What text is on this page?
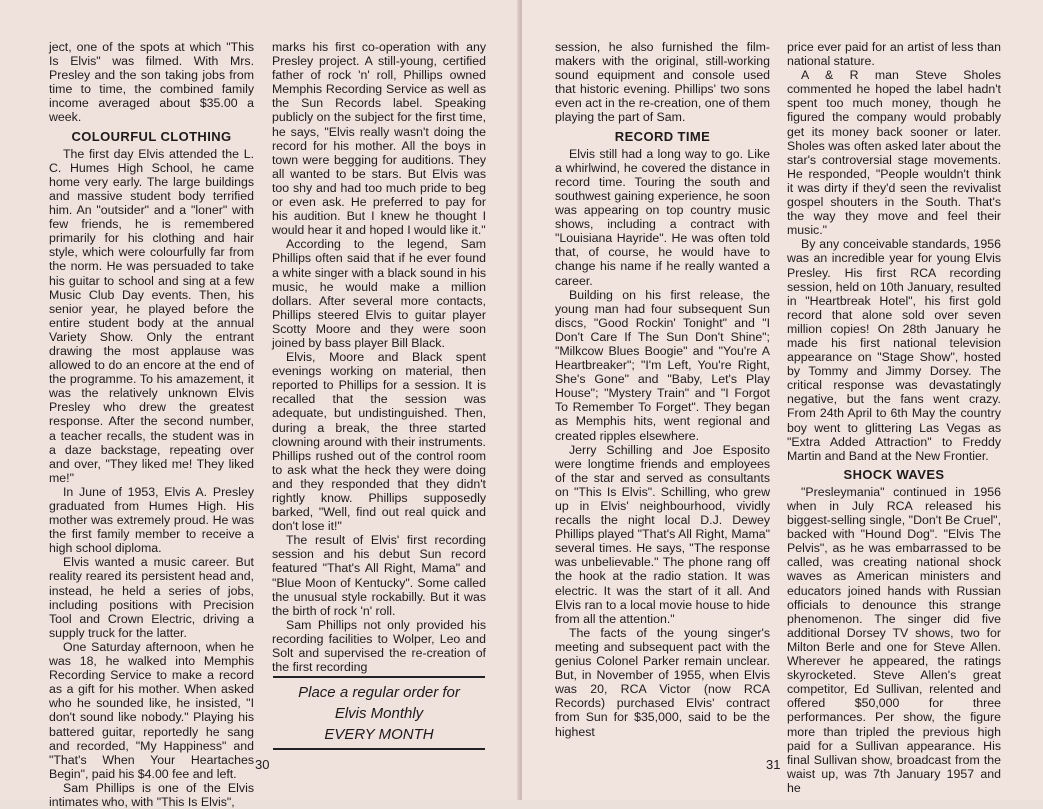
ject, one of the spots at which "This Is Elvis" was filmed. With Mrs. Presley and the son taking jobs from time to time, the combined family income averaged about $35.00 a week.

COLOURFUL CLOTHING

The first day Elvis attended the L. C. Humes High School, he came home very early. The large buildings and massive student body terrified him. An "outsider" and a "loner" with few friends, he is remembered primarily for his clothing and hair style, which were colourfully far from the norm. He was persuaded to take his guitar to school and sing at a few Music Club Day events. Then, his senior year, he played before the entire student body at the annual Variety Show. Only the entrant drawing the most applause was allowed to do an encore at the end of the programme. To his amazement, it was the relatively unknown Elvis Presley who drew the greatest response. After the second number, a teacher recalls, the student was in a daze backstage, repeating over and over, "They liked me! They liked me!"

In June of 1953, Elvis A. Presley graduated from Humes High. His mother was extremely proud. He was the first family member to receive a high school diploma.

Elvis wanted a music career. But reality reared its persistent head and, instead, he held a series of jobs, including positions with Precision Tool and Crown Electric, driving a supply truck for the latter.

One Saturday afternoon, when he was 18, he walked into Memphis Recording Service to make a record as a gift for his mother. When asked who he sounded like, he insisted, "I don't sound like nobody." Playing his battered guitar, reportedly he sang and recorded, "My Happiness" and "That's When Your Heartaches Begin", paid his $4.00 fee and left.

Sam Phillips is one of the Elvis intimates who, with "This Is Elvis",

marks his first co-operation with any Presley project. A still-young, certified father of rock 'n' roll, Phillips owned Memphis Recording Service as well as the Sun Records label. Speaking publicly on the subject for the first time, he says, "Elvis really wasn't doing the record for his mother. All the boys in town were begging for auditions. They all wanted to be stars. But Elvis was too shy and had too much pride to beg or even ask. He preferred to pay for his audition. But I knew he thought I would hear it and hoped I would like it."

According to the legend, Sam Phillips often said that if he ever found a white singer with a black sound in his music, he would make a million dollars. After several more contacts, Phillips steered Elvis to guitar player Scotty Moore and they were soon joined by bass player Bill Black.

Elvis, Moore and Black spent evenings working on material, then reported to Phillips for a session. It is recalled that the session was adequate, but undistinguished. Then, during a break, the three started clowning around with their instruments. Phillips rushed out of the control room to ask what the heck they were doing and they responded that they didn't rightly know. Phillips supposedly barked, "Well, find out real quick and don't lose it!"

The result of Elvis' first recording session and his debut Sun record featured "That's All Right, Mama" and "Blue Moon of Kentucky". Some called the unusual style rockabilly. But it was the birth of rock 'n' roll.

Sam Phillips not only provided his recording facilities to Wolper, Leo and Solt and supervised the re-creation of the first recording

Place a regular order for
Elvis Monthly
EVERY MONTH
30

session, he also furnished the film-makers with the original, still-working sound equipment and console used that historic evening. Phillips' two sons even act in the re-creation, one of them playing the part of Sam.

RECORD TIME

Elvis still had a long way to go. Like a whirlwind, he covered the distance in record time. Touring the south and southwest gaining experience, he soon was appearing on top country music shows, including a contract with "Louisiana Hayride". He was often told that, of course, he would have to change his name if he really wanted a career.

Building on his first release, the young man had four subsequent Sun discs, "Good Rockin' Tonight" and "I Don't Care If The Sun Don't Shine"; "Milkcow Blues Boogie" and "You're A Heartbreaker"; "I'm Left, You're Right, She's Gone" and "Baby, Let's Play House"; "Mystery Train" and "I Forgot To Remember To Forget". They began as Memphis hits, went regional and created ripples elsewhere.

Jerry Schilling and Joe Esposito were longtime friends and employees of the star and served as consultants on "This Is Elvis". Schilling, who grew up in Elvis' neighbourhood, vividly recalls the night local D.J. Dewey Phillips played "That's All Right, Mama" several times. He says, "The response was unbelievable." The phone rang off the hook at the radio station. It was electric. It was the start of it all. And Elvis ran to a local movie house to hide from all the attention."

The facts of the young singer's meeting and subsequent pact with the genius Colonel Parker remain unclear. But, in November of 1955, when Elvis was 20, RCA Victor (now RCA Records) purchased Elvis' contract from Sun for $35,000, said to be the highest

price ever paid for an artist of less than national stature.

A & R man Steve Sholes commented he hoped the label hadn't spent too much money, though he figured the company would probably get its money back sooner or later. Sholes was often asked later about the star's controversial stage movements. He responded, "People wouldn't think it was dirty if they'd seen the revivalist gospel shouters in the South. That's the way they move and feel their music."

By any conceivable standards, 1956 was an incredible year for young Elvis Presley. His first RCA recording session, held on 10th January, resulted in "Heartbreak Hotel", his first gold record that alone sold over seven million copies! On 28th January he made his first national television appearance on "Stage Show", hosted by Tommy and Jimmy Dorsey. The critical response was devastatingly negative, but the fans went crazy. From 24th April to 6th May the country boy went to glittering Las Vegas as "Extra Added Attraction" to Freddy Martin and Band at the New Frontier.

SHOCK WAVES

"Presleymania" continued in 1956 when in July RCA released his biggest-selling single, "Don't Be Cruel", backed with "Hound Dog". "Elvis The Pelvis", as he was embarrassed to be called, was creating national shock waves as American ministers and educators joined hands with Russian officials to denounce this strange phenomenon. The singer did five additional Dorsey TV shows, two for Milton Berle and one for Steve Allen. Wherever he appeared, the ratings skyrocketed. Steve Allen's great competitor, Ed Sullivan, relented and offered $50,000 for three performances. Per show, the figure more than tripled the previous high paid for a Sullivan appearance. His final Sullivan show, broadcast from the waist up, was 7th January 1957 and he

31
